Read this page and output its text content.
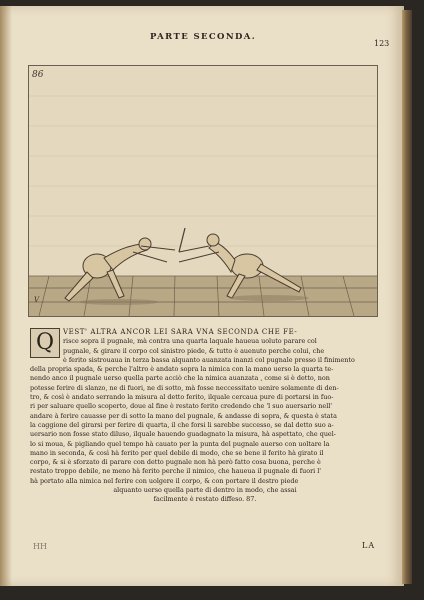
PARTE SECONDA.
123
86
V
Q	VEST' ALTRA ANCOR LEI SARA VNA SECONDA CHE FE-
risce sopra il pugnale, mà contra una quarta laquale haueua uoluto parare col
pugnale, & girare il corpo col sinistro piede, & tutto è auenuto perche colui, che
è ferito sistrouaua in terza bassa alquanto auanzata inanzi col pugnale presso il finimento
della propria spada, & perche l'altro è andato sopra la nimica con la mano uerso la quarta te-
nendo anco il pugnale uerso quella parte acciò che la nimica auanzata , come si è detto, non
potesse ferire di slanzo, ne di fuori, ne di sotto, mà fosse neccessitato uenire solamente di den-
tro, & così è andato serrando la misura al detto ferito, ilquale cercaua pure di portarsi in fuo-
ri per saluare quello scoperto, doue al fine è restato ferito credendo che 'l suo auersario nell'
andare à ferire cauasse per di sotto la mano del pugnale, & andasse di sopra, & questa è stata
la caggione del girarsi per ferire di quarta, il che forsi li sarebbe successo, se dal detto suo a-
uersario non fosse stato diluso, ilquale hauendo guadagnato la misura, hà aspettato, che quel-
lo si moua, & pigliando quel tempo hà cauato per la punta del pugnale auerso con uoltare la
mano in seconda, & così hà ferito per quel debile di modo, che se bene il ferito hà girato il
corpo, & si è sforzato di parare con detto pugnale non hà però fatto cosa buona, perche è
restato troppo debile, ne meno hà ferito perche il nimico, che haueua il pugnale di fuori l'
hà portato alla nimica nel ferire con uolgere il corpo, & con portare il destro piede
alquanto uerso quella parte di dentro in modo, che assai
facilmente è restato diffeso. 87.
HH	LA
